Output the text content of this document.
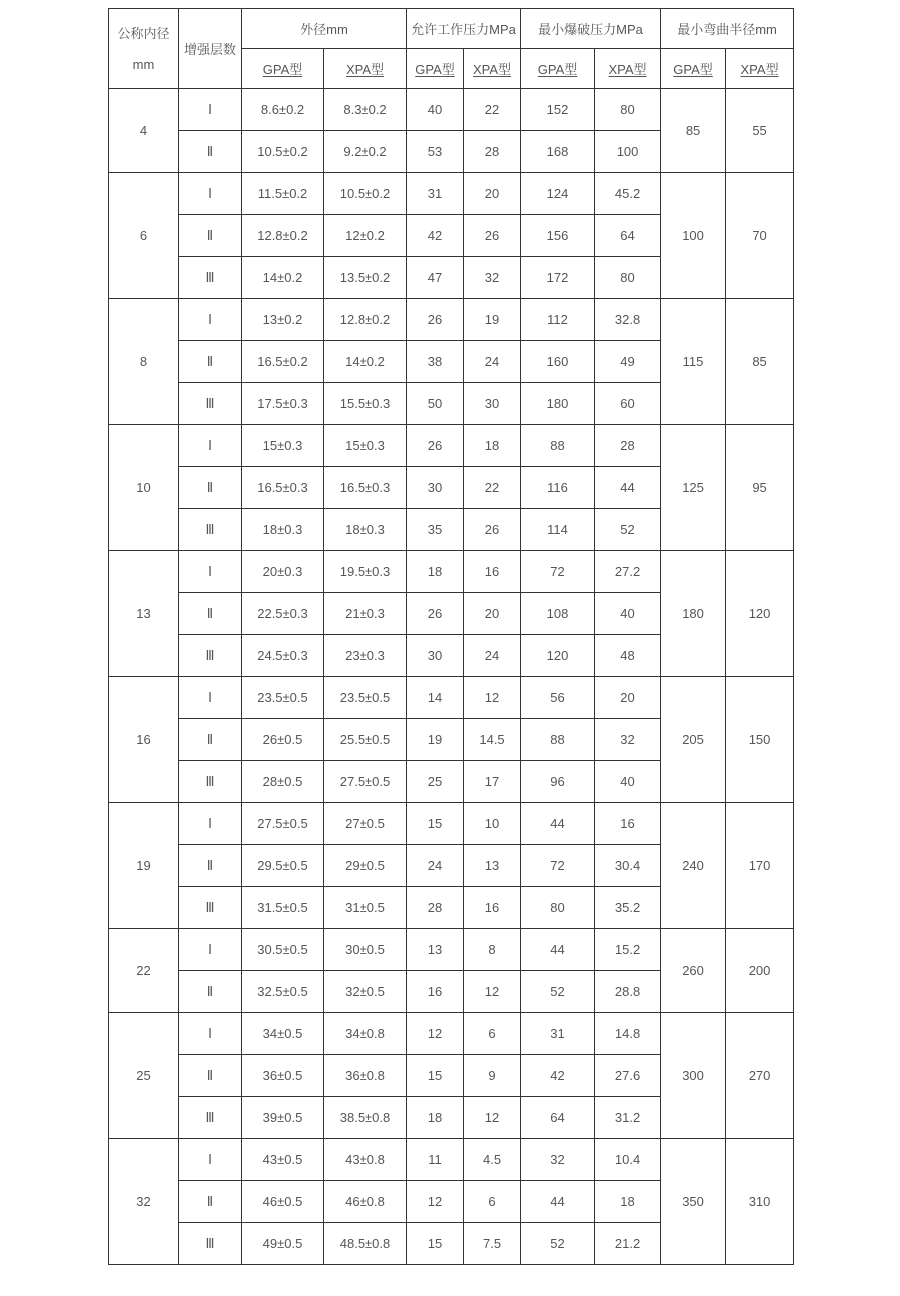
公称内径
mm	增强层数	外径mm		允许工作压力MPa		最小爆破压力MPa		最小弯曲半径mm	
		GPA型	XPA型	GPA型	XPA型	GPA型	XPA型	GPA型	XPA型
4	Ⅰ	8.6±0.2	8.3±0.2	40	22	152	80	85	55
	Ⅱ	10.5±0.2	9.2±0.2	53	28	168	100		
6	Ⅰ	11.5±0.2	10.5±0.2	31	20	124	45.2	100	70
	Ⅱ	12.8±0.2	12±0.2	42	26	156	64		
	Ⅲ	14±0.2	13.5±0.2	47	32	172	80		
8	Ⅰ	13±0.2	12.8±0.2	26	19	112	32.8	115	85
	Ⅱ	16.5±0.2	14±0.2	38	24	160	49		
	Ⅲ	17.5±0.3	15.5±0.3	50	30	180	60		
10	Ⅰ	15±0.3	15±0.3	26	18	88	28	125	95
	Ⅱ	16.5±0.3	16.5±0.3	30	22	116	44		
	Ⅲ	18±0.3	18±0.3	35	26	114	52		
13	Ⅰ	20±0.3	19.5±0.3	18	16	72	27.2	180	120
	Ⅱ	22.5±0.3	21±0.3	26	20	108	40		
	Ⅲ	24.5±0.3	23±0.3	30	24	120	48		
16	Ⅰ	23.5±0.5	23.5±0.5	14	12	56	20	205	150
	Ⅱ	26±0.5	25.5±0.5	19	14.5	88	32		
	Ⅲ	28±0.5	27.5±0.5	25	17	96	40		
19	Ⅰ	27.5±0.5	27±0.5	15	10	44	16	240	170
	Ⅱ	29.5±0.5	29±0.5	24	13	72	30.4		
	Ⅲ	31.5±0.5	31±0.5	28	16	80	35.2		
22	Ⅰ	30.5±0.5	30±0.5	13	8	44	15.2	260	200
	Ⅱ	32.5±0.5	32±0.5	16	12	52	28.8		
25	Ⅰ	34±0.5	34±0.8	12	6	31	14.8	300	270
	Ⅱ	36±0.5	36±0.8	15	9	42	27.6		
	Ⅲ	39±0.5	38.5±0.8	18	12	64	31.2		
32	Ⅰ	43±0.5	43±0.8	11	4.5	32	10.4	350	310
	Ⅱ	46±0.5	46±0.8	12	6	44	18		
	Ⅲ	49±0.5	48.5±0.8	15	7.5	52	21.2		
